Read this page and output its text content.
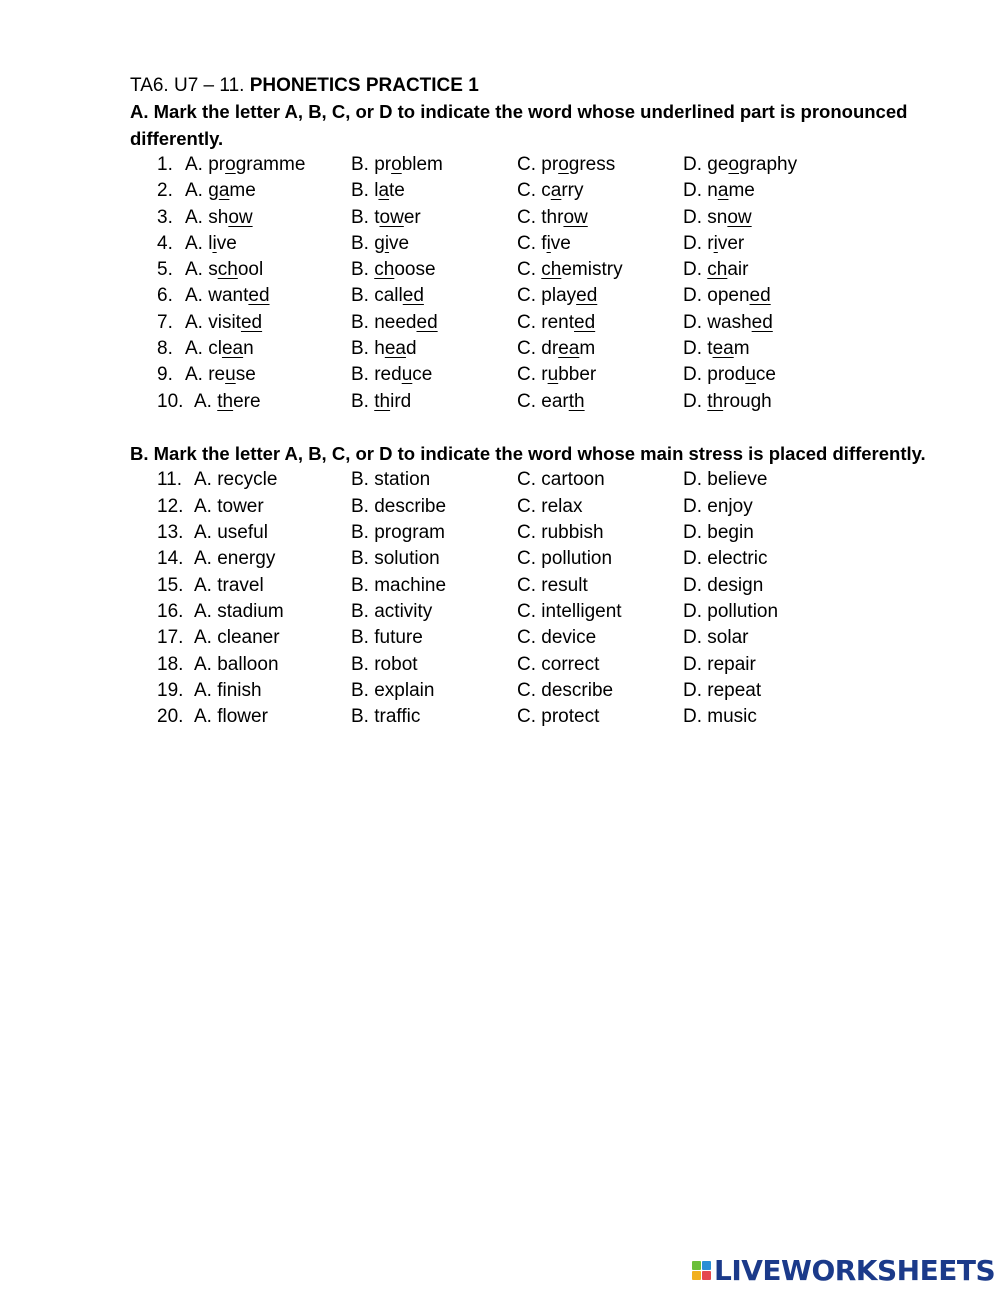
TA6. U7 – 11. PHONETICS PRACTICE 1
A. Mark the letter A, B, C, or D to indicate the word whose underlined part is pronounced differently.
1. A. programme B. problem	C. progress	D. geography
2. A. game	B. late	C. carry	D. name
3. A. show	B. tower	C. throw	D. snow
4. A. live	B. give	C. five	D. river
5. A. school	B. choose	C. chemistry	D. chair
6. A. wanted	B. called	C. played	D. opened
7. A. visited	B. needed	C. rented	D. washed
8. A. clean	B. head	C. dream	D. team
9. A. reuse	B. reduce	C. rubber	D. produce
10. A. there	B. third	C. earth	D. through
B. Mark the letter A, B, C, or D to indicate the word whose main stress is placed differently.
11. A. recycle	B. station	C. cartoon	D. believe
12. A. tower	B. describe	C. relax	D. enjoy
13. A. useful	B. program	C. rubbish	D. begin
14. A. energy	B. solution	C. pollution	D. electric
15. A. travel	B. machine	C. result	D. design
16. A. stadium	B. activity	C. intelligent	D. pollution
17. A. cleaner	B. future	C. device	D. solar
18. A. balloon	B. robot	C. correct	D. repair
19. A. finish	B. explain	C. describe	D. repeat
20. A. flower	B. traffic	C. protect	D. music
LIVEWORKSHEETS
